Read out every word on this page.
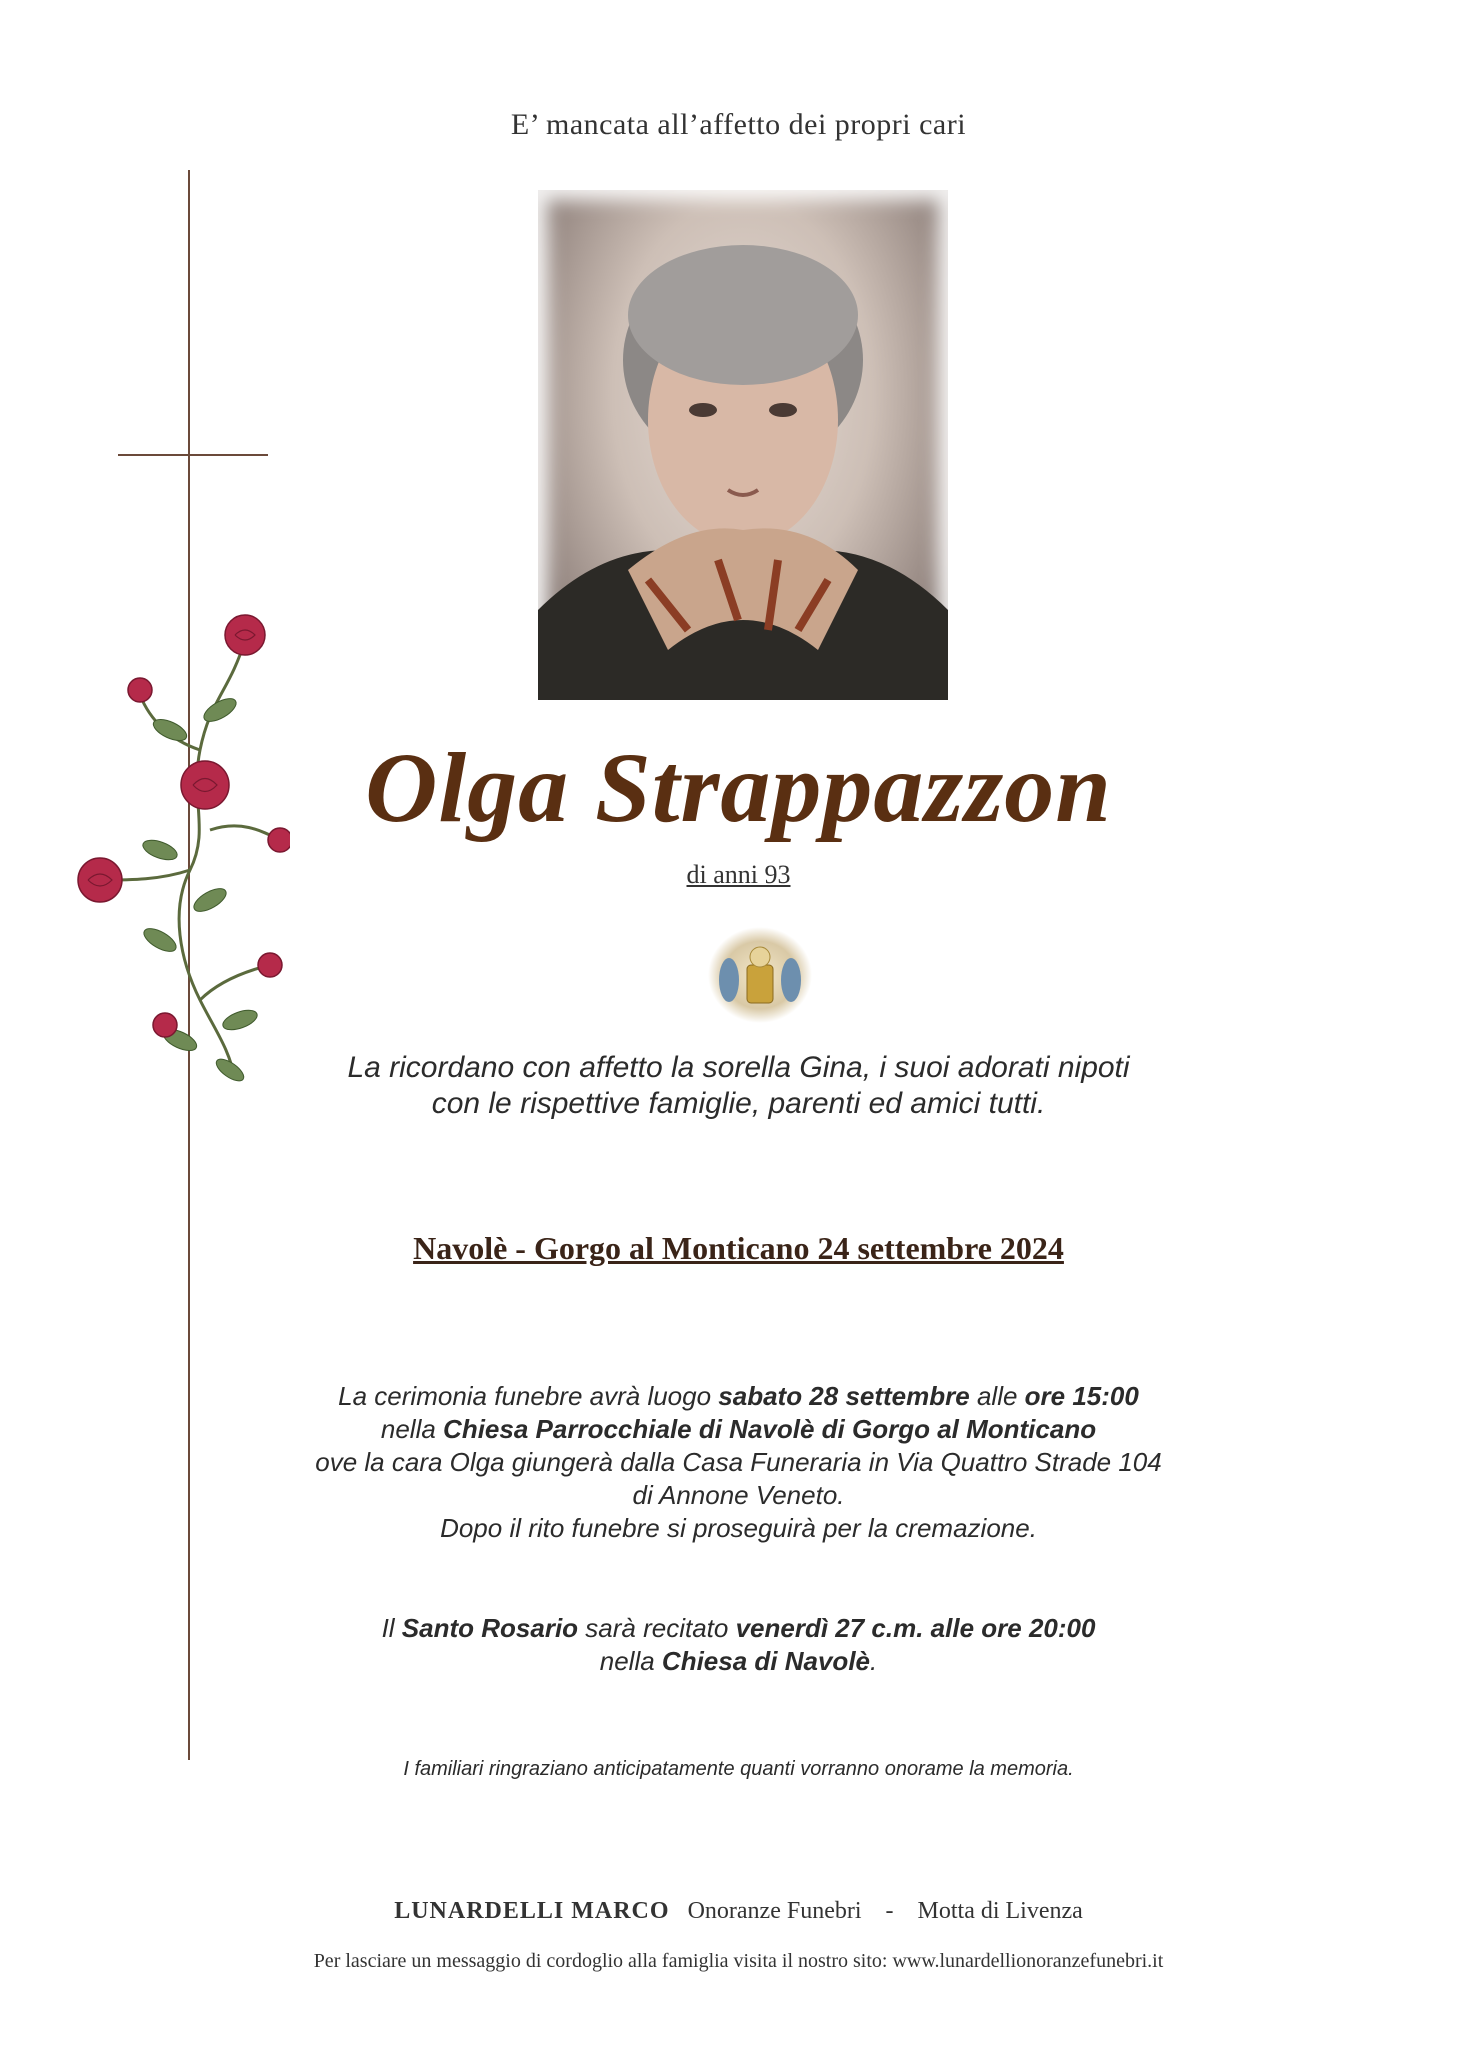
E’ mancata all’affetto dei propri cari
Olga Strappazzon
di anni 93
La ricordano con affetto la sorella Gina, i suoi adorati nipoti
con le rispettive famiglie, parenti ed amici tutti.
Navolè - Gorgo al Monticano 24 settembre 2024
La cerimonia funebre avrà luogo sabato 28 settembre alle ore 15:00
nella Chiesa Parrocchiale di Navolè di Gorgo al Monticano
ove la cara Olga giungerà dalla Casa Funeraria in Via Quattro Strade 104
di Annone Veneto.
Dopo il rito funebre si proseguirà per la cremazione.
Il Santo Rosario sarà recitato venerdì 27 c.m. alle ore 20:00
nella Chiesa di Navolè.
I familiari ringraziano anticipatamente quanti vorranno onorame la memoria.
LUNARDELLI MARCO Onoranze Funebri - Motta di Livenza
Per lasciare un messaggio di cordoglio alla famiglia visita il nostro sito: www.lunardellionoranzefunebri.it
